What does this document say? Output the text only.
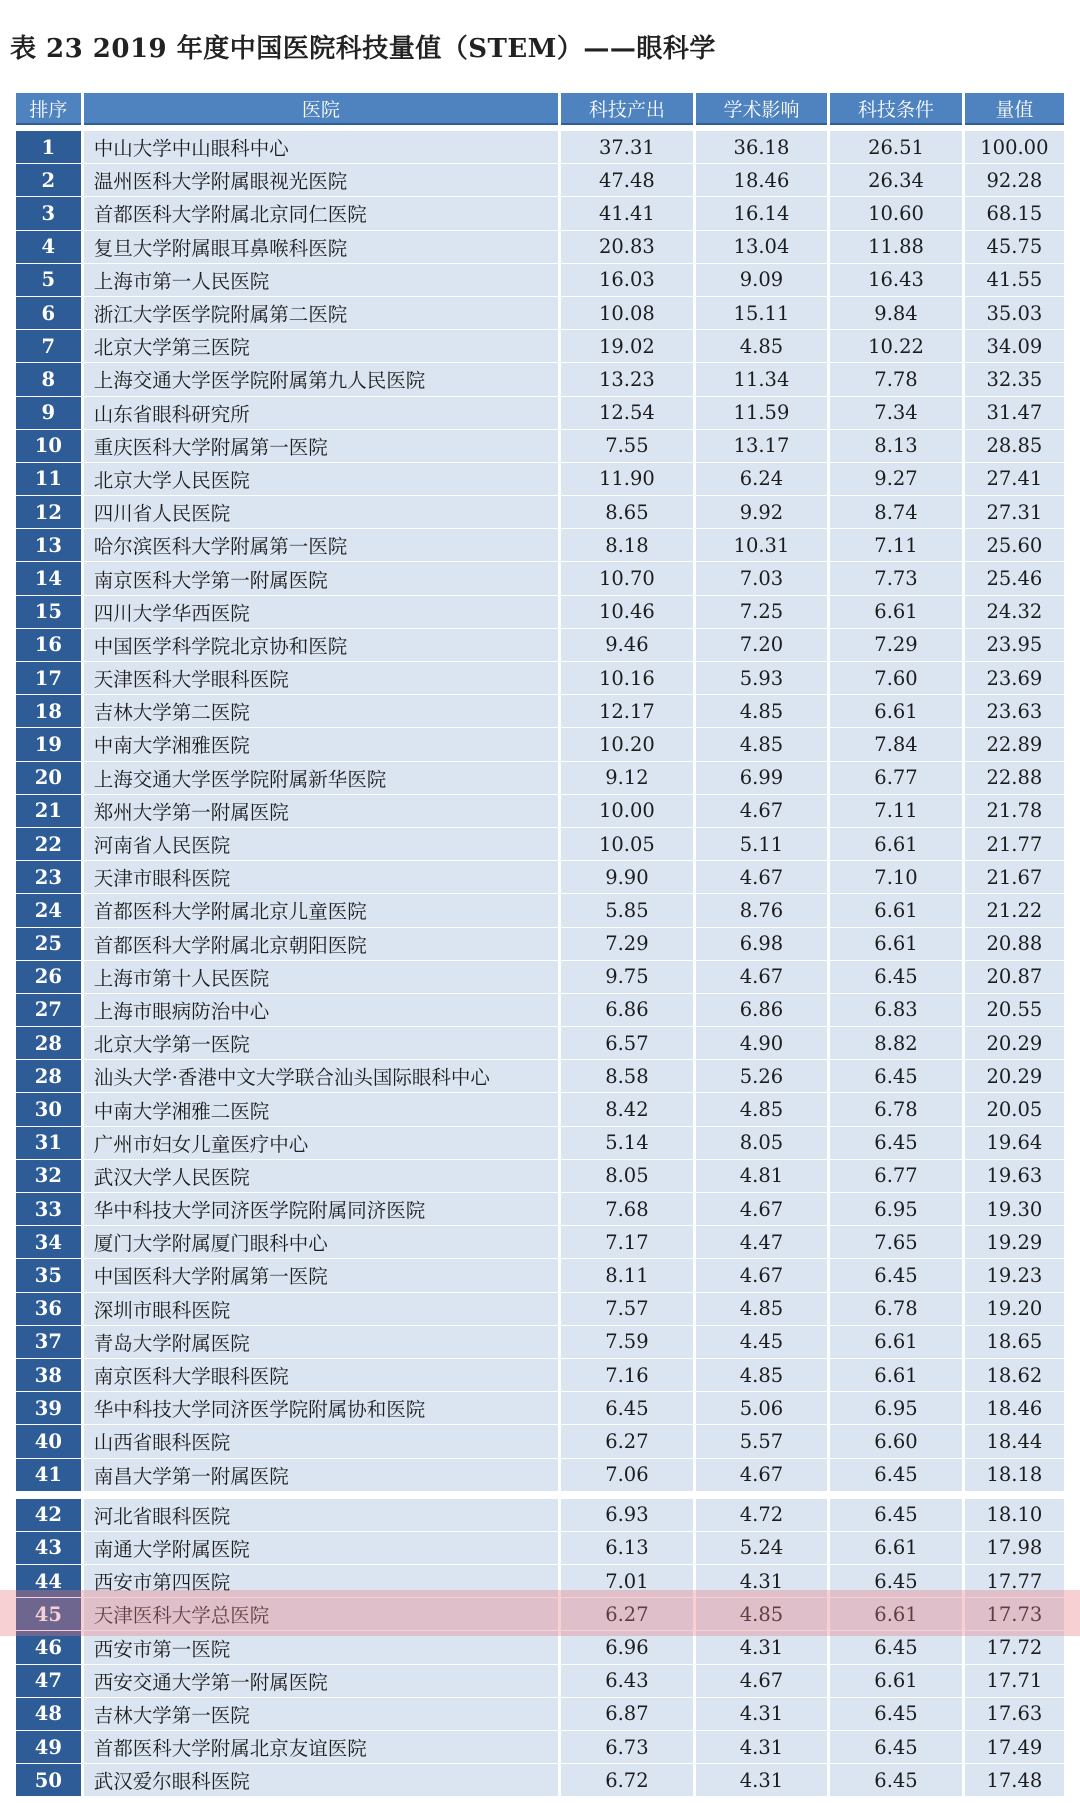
表 23 2019 年度中国医院科技量值（STEM）——眼科学
排序	医院	科技产出	学术影响	科技条件	量值

1	中山大学中山眼科中心	37.31	36.18	26.51	100.00
2	温州医科大学附属眼视光医院	47.48	18.46	26.34	92.28
3	首都医科大学附属北京同仁医院	41.41	16.14	10.60	68.15
4	复旦大学附属眼耳鼻喉科医院	20.83	13.04	11.88	45.75
5	上海市第一人民医院	16.03	9.09	16.43	41.55
6	浙江大学医学院附属第二医院	10.08	15.11	9.84	35.03
7	北京大学第三医院	19.02	4.85	10.22	34.09
8	上海交通大学医学院附属第九人民医院	13.23	11.34	7.78	32.35
9	山东省眼科研究所	12.54	11.59	7.34	31.47
10	重庆医科大学附属第一医院	7.55	13.17	8.13	28.85
11	北京大学人民医院	11.90	6.24	9.27	27.41
12	四川省人民医院	8.65	9.92	8.74	27.31
13	哈尔滨医科大学附属第一医院	8.18	10.31	7.11	25.60
14	南京医科大学第一附属医院	10.70	7.03	7.73	25.46
15	四川大学华西医院	10.46	7.25	6.61	24.32
16	中国医学科学院北京协和医院	9.46	7.20	7.29	23.95
17	天津医科大学眼科医院	10.16	5.93	7.60	23.69
18	吉林大学第二医院	12.17	4.85	6.61	23.63
19	中南大学湘雅医院	10.20	4.85	7.84	22.89
20	上海交通大学医学院附属新华医院	9.12	6.99	6.77	22.88
21	郑州大学第一附属医院	10.00	4.67	7.11	21.78
22	河南省人民医院	10.05	5.11	6.61	21.77
23	天津市眼科医院	9.90	4.67	7.10	21.67
24	首都医科大学附属北京儿童医院	5.85	8.76	6.61	21.22
25	首都医科大学附属北京朝阳医院	7.29	6.98	6.61	20.88
26	上海市第十人民医院	9.75	4.67	6.45	20.87
27	上海市眼病防治中心	6.86	6.86	6.83	20.55
28	北京大学第一医院	6.57	4.90	8.82	20.29
28	汕头大学·香港中文大学联合汕头国际眼科中心	8.58	5.26	6.45	20.29
30	中南大学湘雅二医院	8.42	4.85	6.78	20.05
31	广州市妇女儿童医疗中心	5.14	8.05	6.45	19.64
32	武汉大学人民医院	8.05	4.81	6.77	19.63
33	华中科技大学同济医学院附属同济医院	7.68	4.67	6.95	19.30
34	厦门大学附属厦门眼科中心	7.17	4.47	7.65	19.29
35	中国医科大学附属第一医院	8.11	4.67	6.45	19.23
36	深圳市眼科医院	7.57	4.85	6.78	19.20
37	青岛大学附属医院	7.59	4.45	6.61	18.65
38	南京医科大学眼科医院	7.16	4.85	6.61	18.62
39	华中科技大学同济医学院附属协和医院	6.45	5.06	6.95	18.46
40	山西省眼科医院	6.27	5.57	6.60	18.44
41	南昌大学第一附属医院	7.06	4.67	6.45	18.18

42	河北省眼科医院	6.93	4.72	6.45	18.10
43	南通大学附属医院	6.13	5.24	6.61	17.98
44	西安市第四医院	7.01	4.31	6.45	17.77
45	天津医科大学总医院	6.27	4.85	6.61	17.73
46	西安市第一医院	6.96	4.31	6.45	17.72
47	西安交通大学第一附属医院	6.43	4.67	6.61	17.71
48	吉林大学第一医院	6.87	4.31	6.45	17.63
49	首都医科大学附属北京友谊医院	6.73	4.31	6.45	17.49
50	武汉爱尔眼科医院	6.72	4.31	6.45	17.48
